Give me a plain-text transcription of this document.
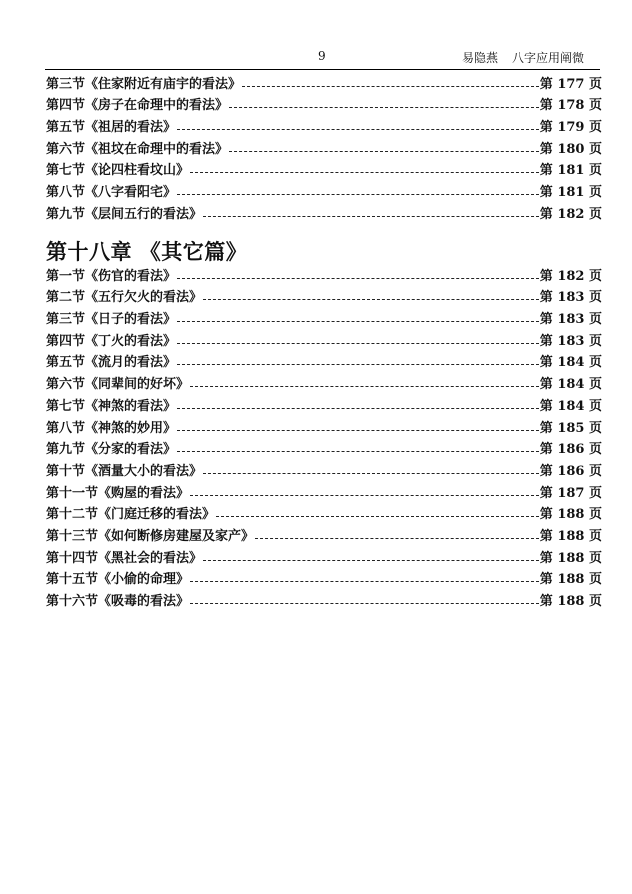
9	易隐燕 八字应用阐微
第三节《住家附近有庙宇的看法》	第 177 页
第四节《房子在命理中的看法》	第 178 页
第五节《祖居的看法》	第 179 页
第六节《祖坟在命理中的看法》	第 180 页
第七节《论四柱看坟山》	第 181 页
第八节《八字看阳宅》	第 181 页
第九节《层间五行的看法》	第 182 页
第十八章 《其它篇》
第一节《伤官的看法》	第 182 页
第二节《五行欠火的看法》	第 183 页
第三节《日子的看法》	第 183 页
第四节《丁火的看法》	第 183 页
第五节《流月的看法》	第 184 页
第六节《同辈间的好坏》	第 184 页
第七节《神煞的看法》	第 184 页
第八节《神煞的妙用》	第 185 页
第九节《分家的看法》	第 186 页
第十节《酒量大小的看法》	第 186 页
第十一节《购屋的看法》	第 187 页
第十二节《门庭迁移的看法》	第 188 页
第十三节《如何断修房建屋及家产》	第 188 页
第十四节《黑社会的看法》	第 188 页
第十五节《小偷的命理》	第 188 页
第十六节《吸毒的看法》	第 188 页
